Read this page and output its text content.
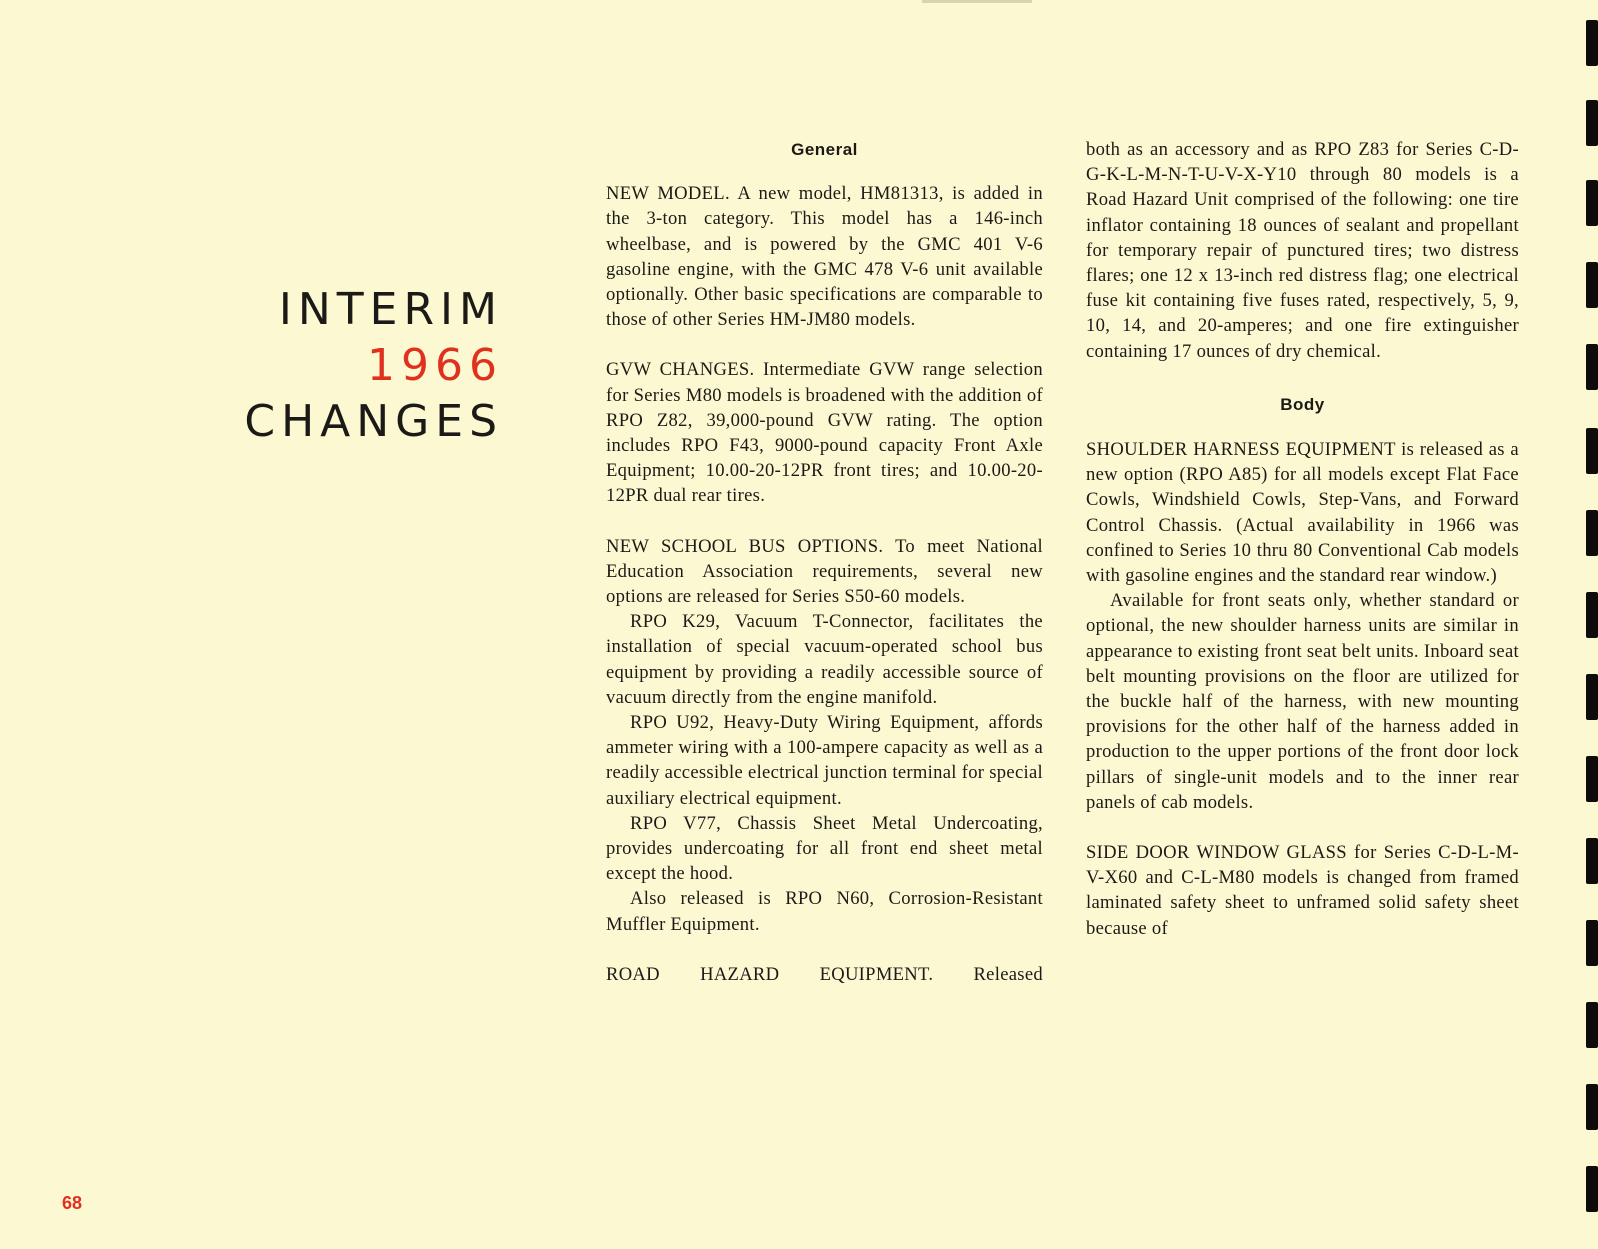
INTERIM
1966
CHANGES
General

NEW MODEL. A new model, HM81313, is added in the 3-ton category. This model has a 146-inch wheelbase, and is powered by the GMC 401 V-6 gasoline engine, with the GMC 478 V-6 unit available optionally. Other basic specifications are comparable to those of other Series HM-JM80 models.

GVW CHANGES. Intermediate GVW range selection for Series M80 models is broadened with the addition of RPO Z82, 39,000-pound GVW rating. The option includes RPO F43, 9000-pound capacity Front Axle Equipment; 10.00-20-12PR front tires; and 10.00-20-12PR dual rear tires.

NEW SCHOOL BUS OPTIONS. To meet National Education Association requirements, several new options are released for Series S50-60 models.

RPO K29, Vacuum T-Connector, facilitates the installation of special vacuum-operated school bus equipment by providing a readily accessible source of vacuum directly from the engine manifold.

RPO U92, Heavy-Duty Wiring Equipment, affords ammeter wiring with a 100-ampere capacity as well as a readily accessible electrical junction terminal for special auxiliary electrical equipment.

RPO V77, Chassis Sheet Metal Undercoating, provides undercoating for all front end sheet metal except the hood.

Also released is RPO N60, Corrosion-Resistant Muffler Equipment.

ROAD HAZARD EQUIPMENT. Released

both as an accessory and as RPO Z83 for Series C-D-G-K-L-M-N-T-U-V-X-Y10 through 80 models is a Road Hazard Unit comprised of the following: one tire inflator containing 18 ounces of sealant and propellant for temporary repair of punctured tires; two distress flares; one 12 x 13-inch red distress flag; one electrical fuse kit containing five fuses rated, respectively, 5, 9, 10, 14, and 20-amperes; and one fire extinguisher containing 17 ounces of dry chemical.

Body

SHOULDER HARNESS EQUIPMENT is released as a new option (RPO A85) for all models except Flat Face Cowls, Windshield Cowls, Step-Vans, and Forward Control Chassis. (Actual availability in 1966 was confined to Series 10 thru 80 Conventional Cab models with gasoline engines and the standard rear window.)

Available for front seats only, whether standard or optional, the new shoulder harness units are similar in appearance to existing front seat belt units. Inboard seat belt mounting provisions on the floor are utilized for the buckle half of the harness, with new mounting provisions for the other half of the harness added in production to the upper portions of the front door lock pillars of single-unit models and to the inner rear panels of cab models.

SIDE DOOR WINDOW GLASS for Series C-D-L-M-V-X60 and C-L-M80 models is changed from framed laminated safety sheet to unframed solid safety sheet because of

68
